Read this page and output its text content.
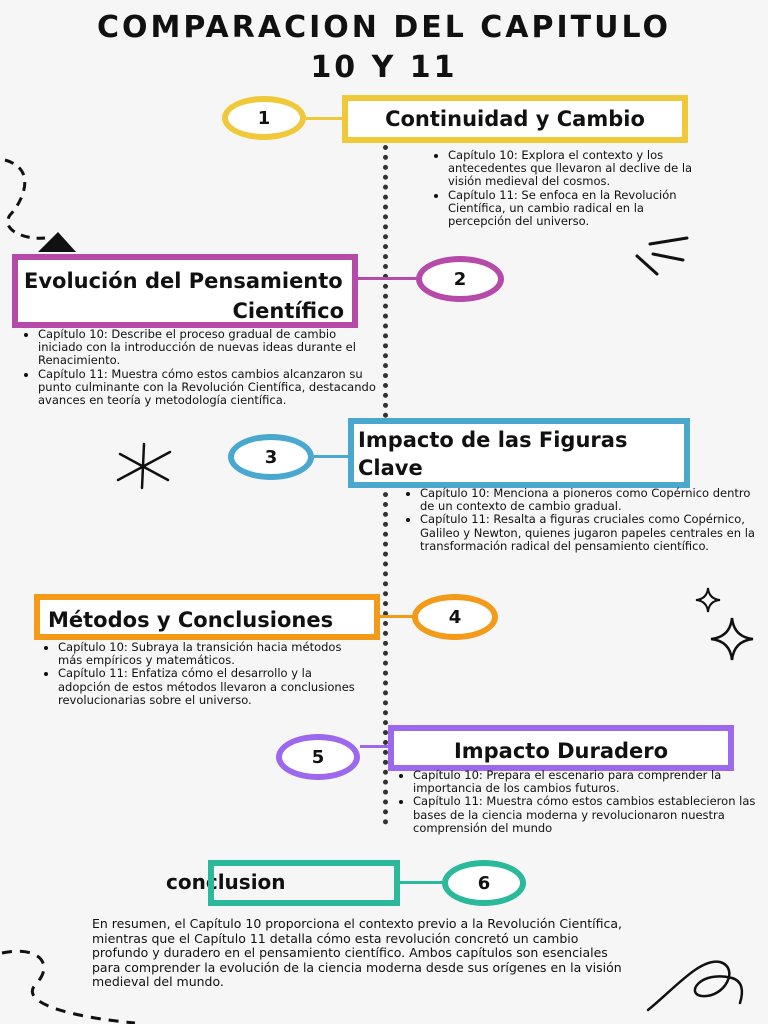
COMPARACION DEL CAPITULO
10 Y 11
1	Continuidad y Cambio
• Capítulo 10: Explora el contexto y los antecedentes que llevaron al declive de la visión medieval del cosmos.
• Capítulo 11: Se enfoca en la Revolución Científica, un cambio radical en la percepción del universo.
Evolución del Pensamiento
Científico
2
• Capítulo 10: Describe el proceso gradual de cambio iniciado con la introducción de nuevas ideas durante el Renacimiento.
• Capítulo 11: Muestra cómo estos cambios alcanzaron su punto culminante con la Revolución Científica, destacando avances en teoría y metodología científica.
3
Impacto de las Figuras
Clave
• Capítulo 10: Menciona a pioneros como Copérnico dentro de un contexto de cambio gradual.
• Capítulo 11: Resalta a figuras cruciales como Copérnico, Galileo y Newton, quienes jugaron papeles centrales en la transformación radical del pensamiento científico.
Métodos y Conclusiones	4
• Capítulo 10: Subraya la transición hacia métodos más empíricos y matemáticos.
• Capítulo 11: Enfatiza cómo el desarrollo y la adopción de estos métodos llevaron a conclusiones revolucionarias sobre el universo.
5	Impacto Duradero
• Capítulo 10: Prepara el escenario para comprender la importancia de los cambios futuros.
• Capítulo 11: Muestra cómo estos cambios establecieron las bases de la ciencia moderna y revolucionaron nuestra comprensión del mundo
conclusion	6
En resumen, el Capítulo 10 proporciona el contexto previo a la Revolución Científica, mientras que el Capítulo 11 detalla cómo esta revolución concretó un cambio profundo y duradero en el pensamiento científico. Ambos capítulos son esenciales para comprender la evolución de la ciencia moderna desde sus orígenes en la visión medieval del mundo.
